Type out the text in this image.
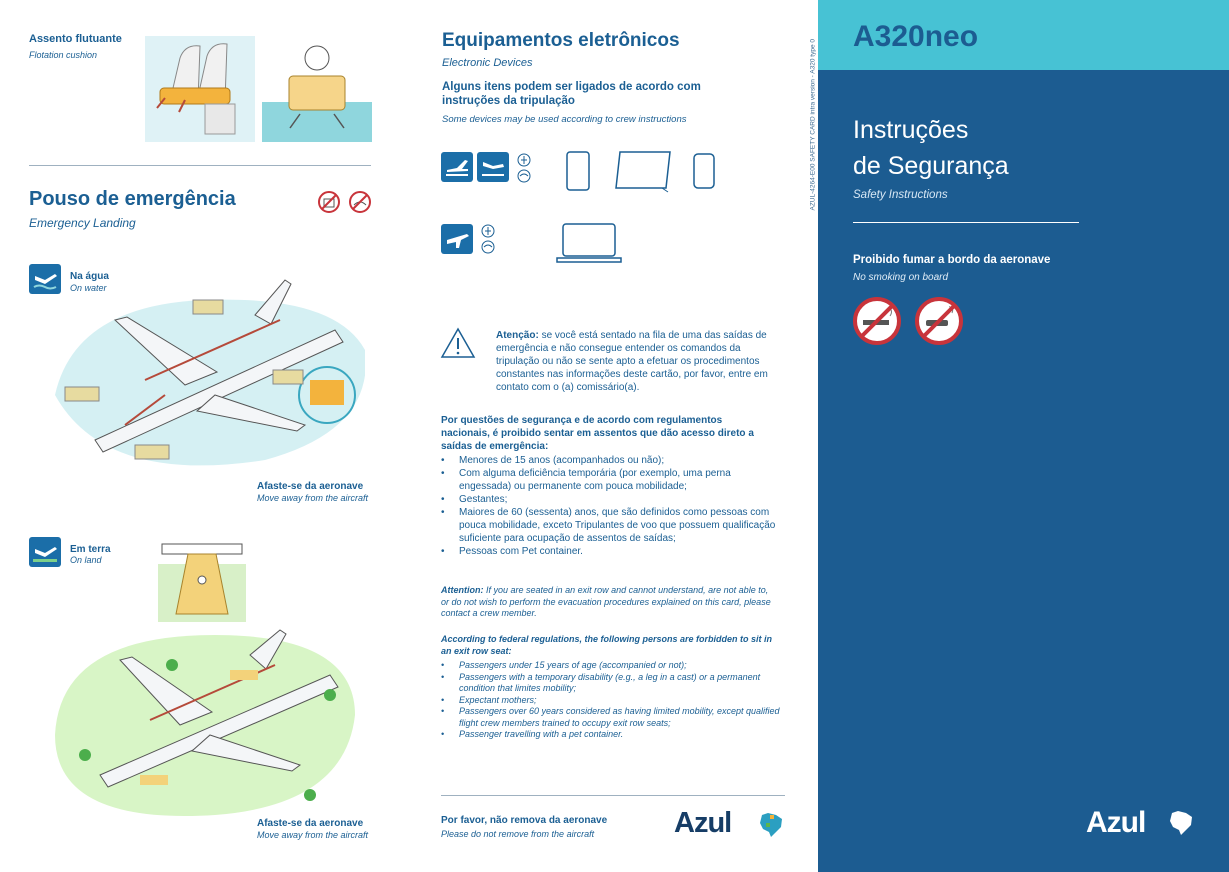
Assento flutuante
Flotation cushion
Pouso de emergência
Emergency Landing
Na água
On water
Afaste-se da aeronave
Move away from the aircraft
Em terra
On land
Afaste-se da aeronave
Move away from the aircraft
Equipamentos eletrônicos
Electronic Devices
Alguns itens podem ser ligados de acordo com instruções da tripulação
Some devices may be used according to crew instructions
Atenção: se você está sentado na fila de uma das saídas de emergência e não consegue entender os comandos da tripulação ou não se sente apto a efetuar os procedimentos constantes nas informações deste cartão, por favor, entre em contato com o (a) comissário(a).
Por questões de segurança e de acordo com regulamentos nacionais, é proibido sentar em assentos que dão acesso direto a saídas de emergência:
• Menores de 15 anos (acompanhados ou não);
• Com alguma deficiência temporária (por exemplo, uma perna engessada) ou permanente com pouca mobilidade;
• Gestantes;
• Maiores de 60 (sessenta) anos, que são definidos como pessoas com pouca mobilidade, exceto Tripulantes de voo que possuem qualificação suficiente para ocupação de assentos de saídas;
• Pessoas com Pet container.
Attention: If you are seated in an exit row and cannot understand, are not able to, or do not wish to perform the evacuation procedures explained on this card, please contact a crew member.
According to federal regulations, the following persons are forbidden to sit in an exit row seat:
• Passengers under 15 years of age (accompanied or not);
• Passengers with a temporary disability (e.g., a leg in a cast) or a permanent condition that limites mobility;
• Expectant mothers;
• Passengers over 60 years considered as having limited mobility, except qualified flight crew members trained to occupy exit row seats;
• Passenger travelling with a pet container.
Por favor, não remova da aeronave
Please do not remove from the aircraft	Azul
AZUL-4264-E00 SAFETY CARD intra version - A320 type 0
A320neo
Instruções
de Segurança
Safety Instructions
Proibido fumar a bordo da aeronave
No smoking on board
Azul
